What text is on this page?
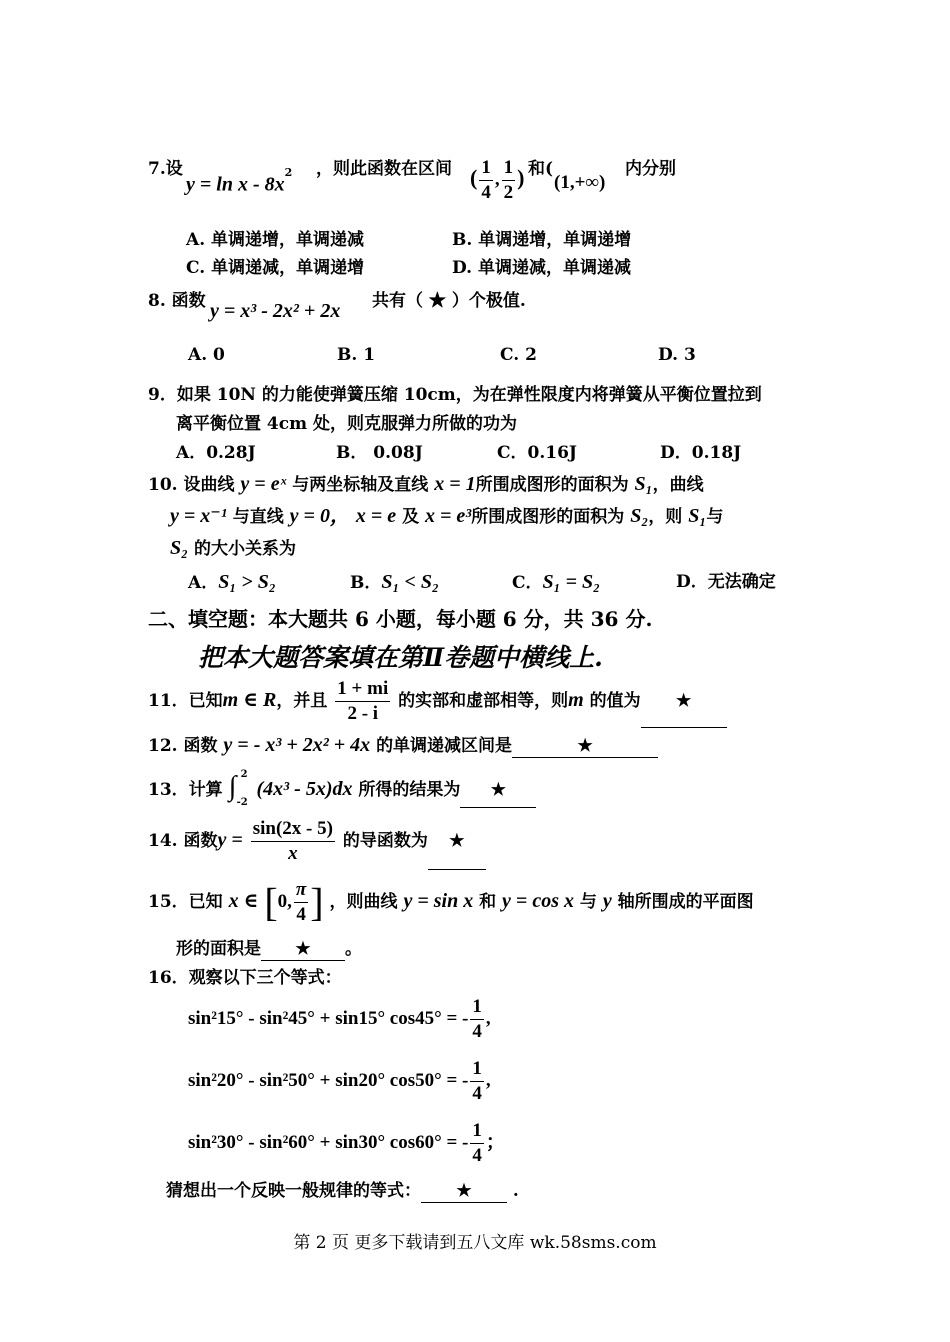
7.设
$y = \ln x - 8x^2$ ，则此函数在区间 ( $\frac{1}{4}$ , $\frac{1}{2}$ ) 和(
(1,+∞)
内分别
A. 单调递增，单调递减	B. 单调递增，单调递增
C. 单调递减，单调递增	D. 单调递减，单调递减
8. 函数 y = x³ - 2x² + 2x 共有（ ★ ）个极值.
A. 0	B. 1	C. 2	D. 3
9．如果 10N 的力能使弹簧压缩 10cm，为在弹性限度内将弹簧从平衡位置拉到
离平衡位置 4cm 处，则克服弹力所做的功为
A．0.28J	B． 0.08J	C．0.16J	D．0.18J
10. 设曲线 y = eˣ 与两坐标轴及直线 x = 1所围成图形的面积为 S₁，曲线
y = x⁻¹ 与直线 y = 0， x = e 及 x = e³所围成图形的面积为 S₂，则 S₁与
S₂ 的大小关系为
A．S₁ > S₂	B．S₁ < S₂	C．S₁ = S₂	D．无法确定
二、填空题：本大题共 6 小题，每小题 6 分，共 36 分.
把本大题答案填在第Ⅱ卷题中横线上.
11．已知m ∈ R，并且 $\frac{1 + mi}{2 - i}$ 的实部和虚部相等，则m 的值为 ★
12. 函数 y = - x³ + 2x² + 4x 的单调递减区间是	★
13．计算 ∫ 2
-2
(4x³ - 5x)dx 所得的结果为 ★
14. 函数$y = \frac{\sin(2x - 5)}{x}$ 的导函数为 ★
15．已知 x ∈ [0, $\frac{\pi}{4}$ ] ，则曲线 y = sin x 和 y = cos x 与 y 轴所围成的平面图
形的面积是 ★ 。
16．观察以下三个等式：
sin²15° - sin²45° + sin15° cos45° = - $\frac{1}{4}$ ,
sin²20° - sin²50° + sin20° cos50° = - $\frac{1}{4}$ ,
sin²30° - sin²60° + sin30° cos60° = - $\frac{1}{4}$ ；
猜想出一个反映一般规律的等式： ★ .
第 2 页 更多下载请到五八文库 wk.58sms.com
